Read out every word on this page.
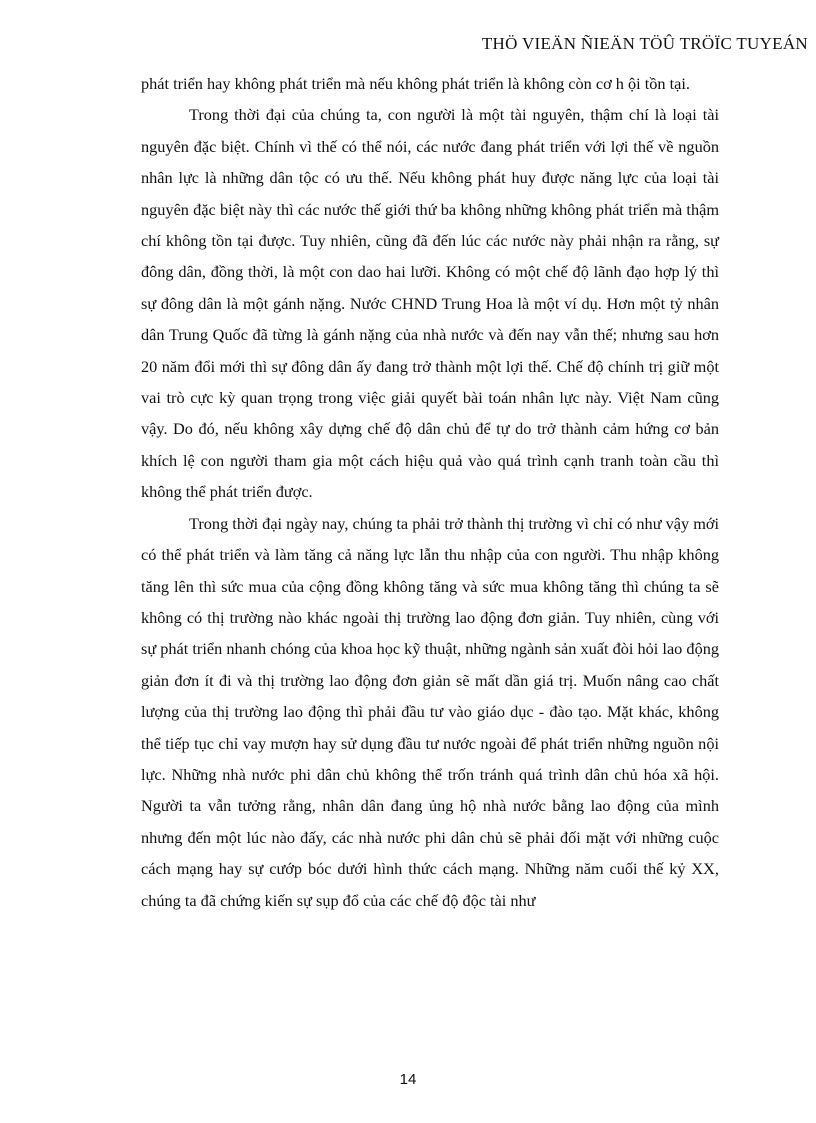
THÖ VIEÄN ÑIEÄN TÖÛ TRÖÏC TUYEÁN

phát triển hay không phát triển mà nếu không phát triển là không còn cơ h ội tồn tại.

Trong thời đại của chúng ta, con người là một tài nguyên, thậm chí là loại tài nguyên đặc biệt. Chính vì thế có thể nói, các nước đang phát triển với lợi thế về nguồn nhân lực là những dân tộc có ưu thế. Nếu không phát huy được năng lực của loại tài nguyên đặc biệt này thì các nước thế giới thứ ba không những không phát triển mà thậm chí không tồn tại được. Tuy nhiên, cũng đã đến lúc các nước này phải nhận ra rằng, sự đông dân, đồng thời, là một con dao hai lưỡi. Không có một chế độ lãnh đạo hợp lý thì sự đông dân là một gánh nặng. Nước CHND Trung Hoa là một ví dụ. Hơn một tỷ nhân dân Trung Quốc đã từng là gánh nặng của nhà nước và đến nay vẫn thế; nhưng sau hơn 20 năm đổi mới thì sự đông dân ấy đang trở thành một lợi thế. Chế độ chính trị giữ một vai trò cực kỳ quan trọng trong việc giải quyết bài toán nhân lực này. Việt Nam cũng vậy. Do đó, nếu không xây dựng chế độ dân chủ để tự do trở thành cảm hứng cơ bản khích lệ con người tham gia một cách hiệu quả vào quá trình cạnh tranh toàn cầu thì không thể phát triển được.

Trong thời đại ngày nay, chúng ta phải trở thành thị trường vì chỉ có như vậy mới có thể phát triển và làm tăng cả năng lực lẫn thu nhập của con người. Thu nhập không tăng lên thì sức mua của cộng đồng không tăng và sức mua không tăng thì chúng ta sẽ không có thị trường nào khác ngoài thị trường lao động đơn giản. Tuy nhiên, cùng với sự phát triển nhanh chóng của khoa học kỹ thuật, những ngành sản xuất đòi hỏi lao động giản đơn ít đi và thị trường lao động đơn giản sẽ mất dần giá trị. Muốn nâng cao chất lượng của thị trường lao động thì phải đầu tư vào giáo dục - đào tạo. Mặt khác, không thể tiếp tục chỉ vay mượn hay sử dụng đầu tư nước ngoài để phát triển những nguồn nội lực. Những nhà nước phi dân chủ không thể trốn tránh quá trình dân chủ hóa xã hội. Người ta vẫn tưởng rằng, nhân dân đang ủng hộ nhà nước bằng lao động của mình nhưng đến một lúc nào đấy, các nhà nước phi dân chủ sẽ phải đối mặt với những cuộc cách mạng hay sự cướp bóc dưới hình thức cách mạng. Những năm cuối thế kỷ XX, chúng ta đã chứng kiến sự sụp đổ của các chế độ độc tài như

14
